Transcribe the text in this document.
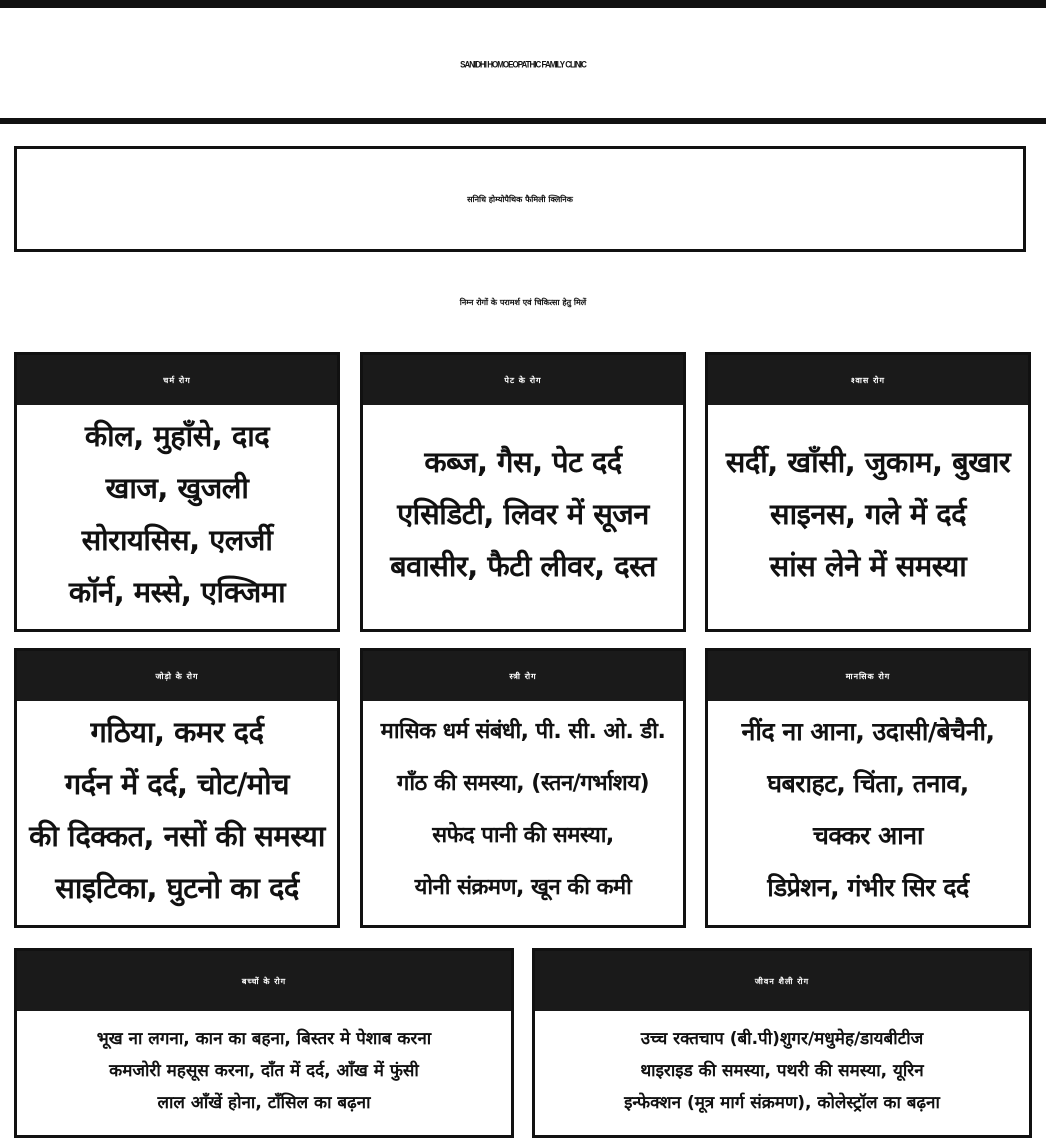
SANIDHI HOMOEOPATHIC FAMILY CLINIC
सनिधि होम्योपैथिक फैमिली क्लिनिक
निम्न रोगों के परामर्श एवं चिकित्सा हेतु मिलें
चर्म रोग
कील, मुहाँसे, दाद
खाज, खुजली
सोरायसिस, एलर्जी
कॉर्न, मस्से, एक्जिमा
पेट के रोग
कब्ज, गैस, पेट दर्द
एसिडिटी, लिवर में सूजन
बवासीर, फैटी लीवर, दस्त
श्वास रोग
सर्दी, खाँसी, जुकाम, बुखार
साइनस, गले में दर्द
सांस लेने में समस्या
जोड़ो के रोग
गठिया, कमर दर्द
गर्दन में दर्द, चोट/मोच
की दिक्कत, नसों की समस्या
साइटिका, घुटनो का दर्द
स्त्री रोग
मासिक धर्म संबंधी, पी. सी. ओ. डी.
गाँठ की समस्या, (स्तन/गर्भाशय)
सफेद पानी की समस्या,
योनी संक्रमण, खून की कमी
मानसिक रोग
नींद ना आना, उदासी/बेचैनी,
घबराहट, चिंता, तनाव,
चक्कर आना
डिप्रेशन, गंभीर सिर दर्द
बच्चों के रोग
भूख ना लगना, कान का बहना, बिस्तर मे पेशाब करना
कमजोरी महसूस करना, दाँत में दर्द, आँख में फुंसी
लाल आँखें होना, टॉंसिल का बढ़ना
जीवन शैली रोग
उच्च रक्तचाप (बी.पी)शुगर/मधुमेह/डायबीटीज
थाइराइड की समस्या, पथरी की समस्या, यूरिन
इन्फेक्शन (मूत्र मार्ग संक्रमण), कोलेस्ट्रॉल का बढ़ना
